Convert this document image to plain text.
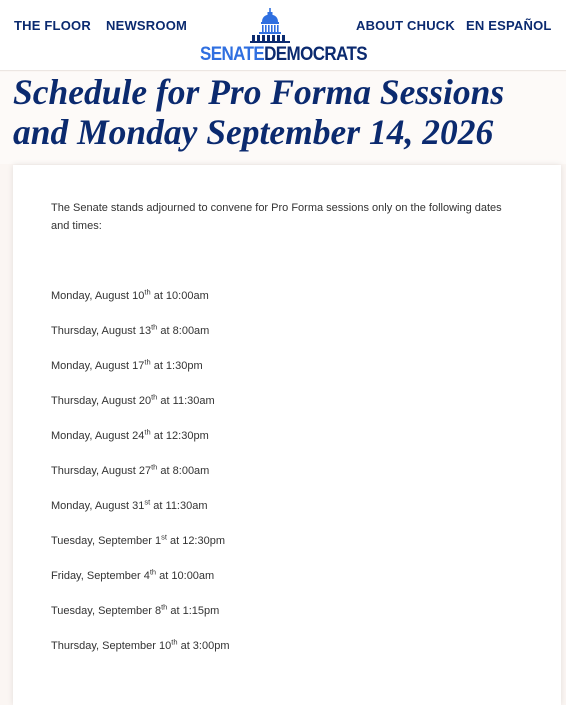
THE FLOOR NEWSROOM
SENATEDEMOCRATS
ABOUT CHUCK EN ESPAÑOL
Schedule for Pro Forma Sessions
and Monday September 14, 2026
The Senate stands adjourned to convene for Pro Forma sessions only on the following dates and times:
Monday, August 10th at 10:00am
Thursday, August 13th at 8:00am
Monday, August 17th at 1:30pm
Thursday, August 20th at 11:30am
Monday, August 24th at 12:30pm
Thursday, August 27th at 8:00am
Monday, August 31st at 11:30am
Tuesday, September 1st at 12:30pm
Friday, September 4th at 10:00am
Tuesday, September 8th at 1:15pm
Thursday, September 10th at 3:00pm
